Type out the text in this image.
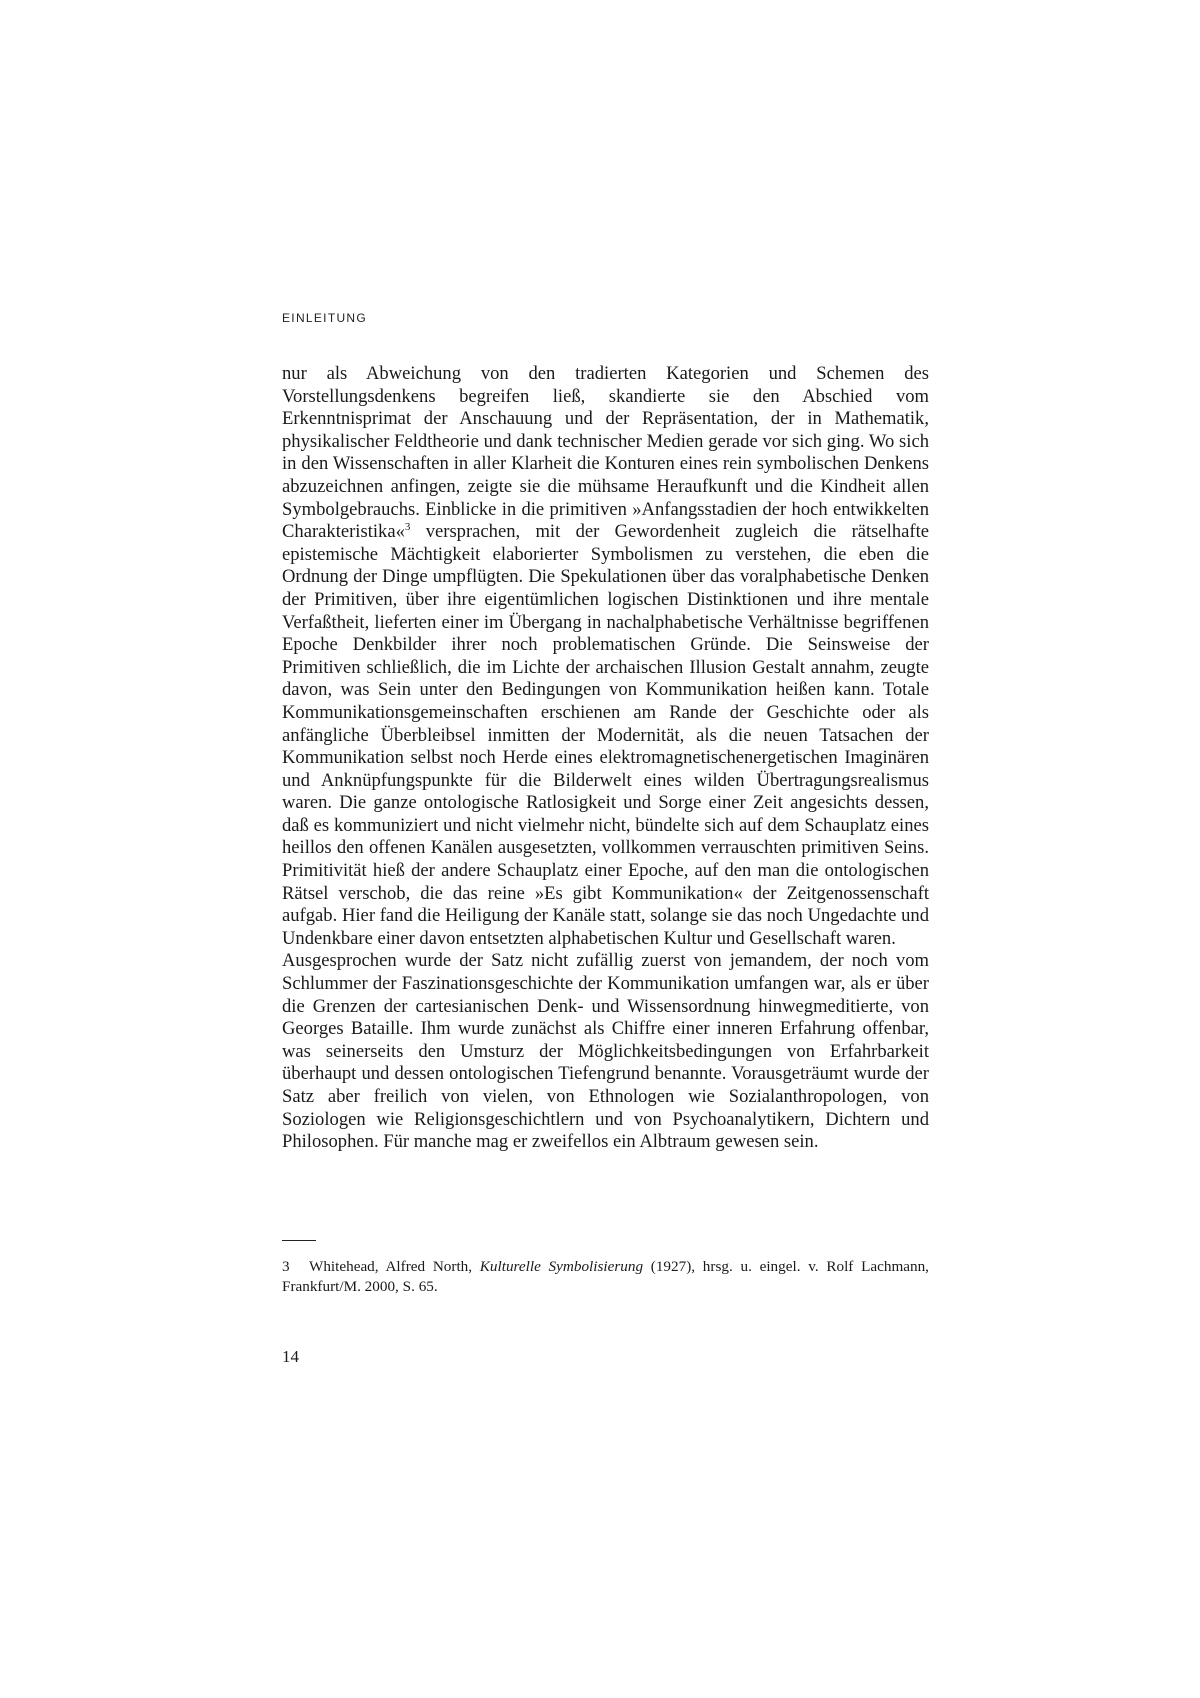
EINLEITUNG

nur als Abweichung von den tradierten Kategorien und Schemen des Vorstellungsdenkens begreifen ließ, skandierte sie den Abschied vom Erkenntnisprimat der Anschauung und der Repräsentation, der in Mathematik, physikalischer Feldtheorie und dank technischer Medien gerade vor sich ging. Wo sich in den Wissenschaften in aller Klarheit die Konturen eines rein symbolischen Denkens abzuzeichnen anfingen, zeigte sie die mühsame Heraufkunft und die Kindheit allen Symbolgebrauchs. Einblicke in die primitiven »Anfangsstadien der hoch entwikkelten Charakteristika«$^3$ versprachen, mit der Gewordenheit zugleich die rätselhafte epistemische Mächtigkeit elaborierter Symbolismen zu verstehen, die eben die Ordnung der Dinge umpflügten. Die Spekulationen über das voralphabetische Denken der Primitiven, über ihre eigentümlichen logischen Distinktionen und ihre mentale Verfaßtheit, lieferten einer im Übergang in nachalphabetische Verhältnisse begriffenen Epoche Denkbilder ihrer noch problematischen Gründe. Die Seinsweise der Primitiven schließlich, die im Lichte der archaischen Illusion Gestalt annahm, zeugte davon, was Sein unter den Bedingungen von Kommunikation heißen kann. Totale Kommunikationsgemeinschaften erschienen am Rande der Geschichte oder als anfängliche Überbleibsel inmitten der Modernität, als die neuen Tatsachen der Kommunikation selbst noch Herde eines elektromagnetischenergetischen Imaginären und Anknüpfungspunkte für die Bilderwelt eines wilden Übertragungsrealismus waren. Die ganze ontologische Ratlosigkeit und Sorge einer Zeit angesichts dessen, daß es kommuniziert und nicht vielmehr nicht, bündelte sich auf dem Schauplatz eines heillos den offenen Kanälen ausgesetzten, vollkommen verrauschten primitiven Seins. Primitivität hieß der andere Schauplatz einer Epoche, auf den man die ontologischen Rätsel verschob, die das reine »Es gibt Kommunikation« der Zeitgenossenschaft aufgab. Hier fand die Heiligung der Kanäle statt, solange sie das noch Ungedachte und Undenkbare einer davon entsetzten alphabetischen Kultur und Gesellschaft waren.

Ausgesprochen wurde der Satz nicht zufällig zuerst von jemandem, der noch vom Schlummer der Faszinationsgeschichte der Kommunikation umfangen war, als er über die Grenzen der cartesianischen Denk- und Wissensordnung hinwegmeditierte, von Georges Bataille. Ihm wurde zunächst als Chiffre einer inneren Erfahrung offenbar, was seinerseits den Umsturz der Möglichkeitsbedingungen von Erfahrbarkeit überhaupt und dessen ontologischen Tiefengrund benannte. Vorausgeträumt wurde der Satz aber freilich von vielen, von Ethnologen wie Sozialanthropologen, von Soziologen wie Religionsgeschichtlern und von Psychoanalytikern, Dichtern und Philosophen. Für manche mag er zweifellos ein Albtraum gewesen sein.

3 Whitehead, Alfred North, Kulturelle Symbolisierung (1927), hrsg. u. eingel. v. Rolf Lachmann, Frankfurt/M. 2000, S. 65.
14
